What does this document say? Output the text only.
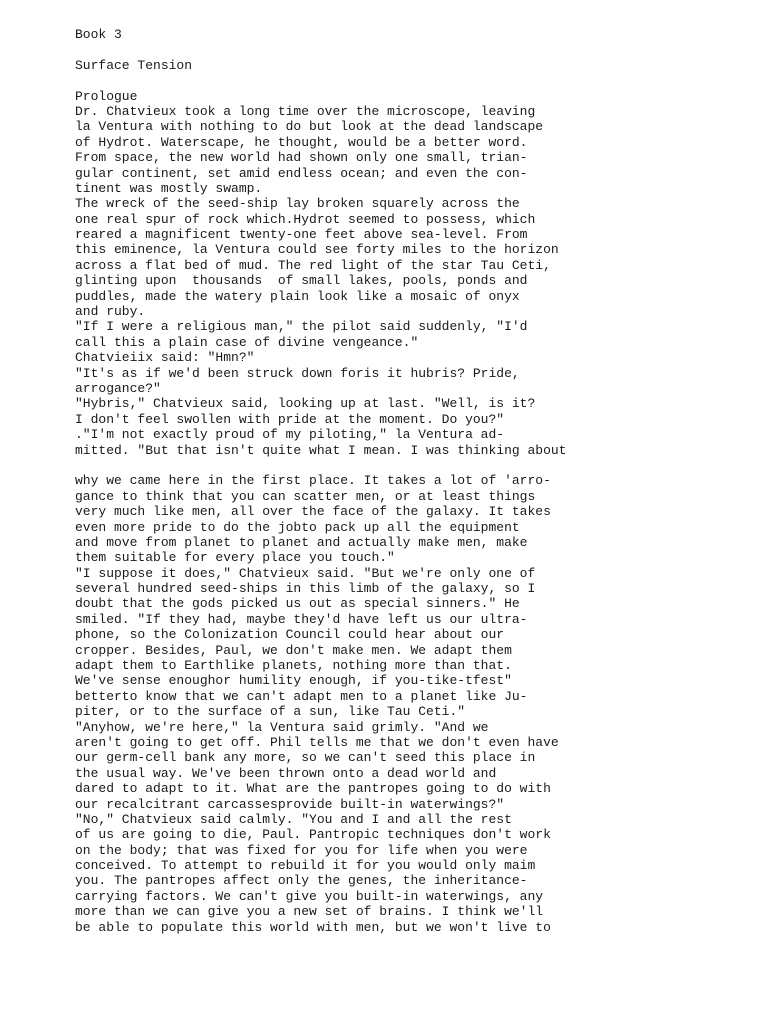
Book 3
Surface Tension
Prologue
Dr. Chatvieux took a long time over the microscope, leaving
la Ventura with nothing to do but look at the dead landscape
of Hydrot. Waterscape, he thought, would be a better word.
From space, the new world had shown only one small, trian-
gular continent, set amid endless ocean; and even the con-
tinent was mostly swamp.
The wreck of the seed-ship lay broken squarely across the
one real spur of rock which.Hydrot seemed to possess, which
reared a magnificent twenty-one feet above sea-level. From
this eminence, la Ventura could see forty miles to the horizon
across a flat bed of mud. The red light of the star Tau Ceti,
glinting upon  thousands  of small lakes, pools, ponds and
puddles, made the watery plain look like a mosaic of onyx
and ruby.
"If I were a religious man," the pilot said suddenly, "I'd
call this a plain case of divine vengeance."
Chatvieiix said: "Hmn?"
"It's as if we'd been struck down foris it hubris? Pride,
arrogance?"
"Hybris," Chatvieux said, looking up at last. "Well, is it?
I don't feel swollen with pride at the moment. Do you?"
."I'm not exactly proud of my piloting," la Ventura ad-
mitted. "But that isn't quite what I mean. I was thinking about
why we came here in the first place. It takes a lot of 'arro-
gance to think that you can scatter men, or at least things
very much like men, all over the face of the galaxy. It takes
even more pride to do the jobto pack up all the equipment
and move from planet to planet and actually make men, make
them suitable for every place you touch."
"I suppose it does," Chatvieux said. "But we're only one of
several hundred seed-ships in this limb of the galaxy, so I
doubt that the gods picked us out as special sinners." He
smiled. "If they had, maybe they'd have left us our ultra-
phone, so the Colonization Council could hear about our
cropper. Besides, Paul, we don't make men. We adapt them
adapt them to Earthlike planets, nothing more than that.
We've sense enoughor humility enough, if you-tike-tfest"
betterto know that we can't adapt men to a planet like Ju-
piter, or to the surface of a sun, like Tau Ceti."
"Anyhow, we're here," la Ventura said grimly. "And we
aren't going to get off. Phil tells me that we don't even have
our germ-cell bank any more, so we can't seed this place in
the usual way. We've been thrown onto a dead world and
dared to adapt to it. What are the pantropes going to do with
our recalcitrant carcassesprovide built-in waterwings?"
"No," Chatvieux said calmly. "You and I and all the rest
of us are going to die, Paul. Pantropic techniques don't work
on the body; that was fixed for you for life when you were
conceived. To attempt to rebuild it for you would only maim
you. The pantropes affect only the genes, the inheritance-
carrying factors. We can't give you built-in waterwings, any
more than we can give you a new set of brains. I think we'll
be able to populate this world with men, but we won't live to
